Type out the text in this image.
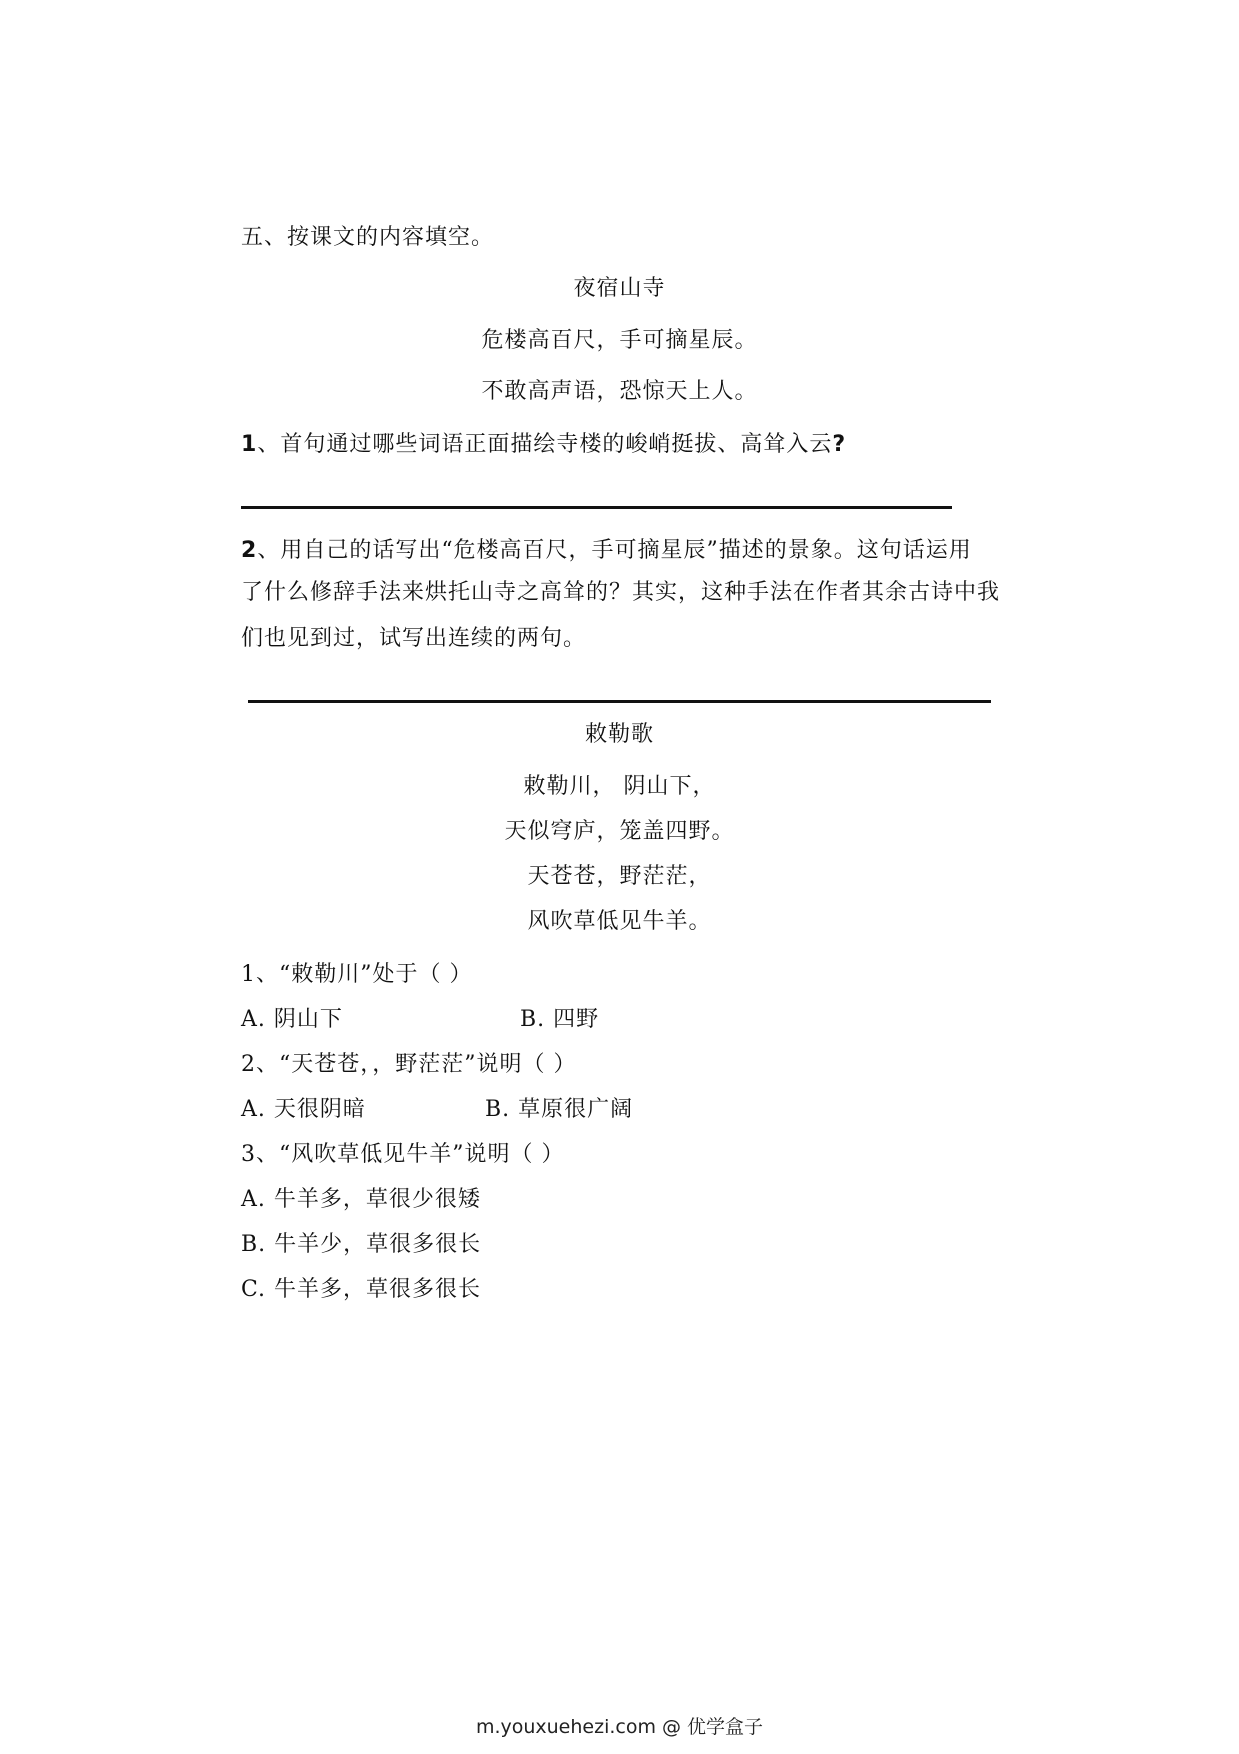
五、按课文的内容填空。
夜宿山寺
危楼高百尺，手可摘星辰。
不敢高声语，恐惊天上人。
1、首句通过哪些词语正面描绘寺楼的峻峭挺拔、高耸入云?
2、用自己的话写出“危楼高百尺，手可摘星辰”描述的景象。这句话运用
了什么修辞手法来烘托山寺之高耸的？其实，这种手法在作者其余古诗中我
们也见到过，试写出连续的两句。
敕勒歌
敕勒川， 阴山下，
天似穹庐，笼盖四野。
天苍苍，野茫茫，
风吹草低见牛羊。
1、“敕勒川”处于（ ）
A. 阴山下	B. 四野
2、“天苍苍，，野茫茫”说明（ ）
A. 天很阴暗	B. 草原很广阔
3、“风吹草低见牛羊”说明（ ）
A. 牛羊多，草很少很矮
B. 牛羊少，草很多很长
C. 牛羊多，草很多很长
m.youxuehezi.com @ 优学盒子
